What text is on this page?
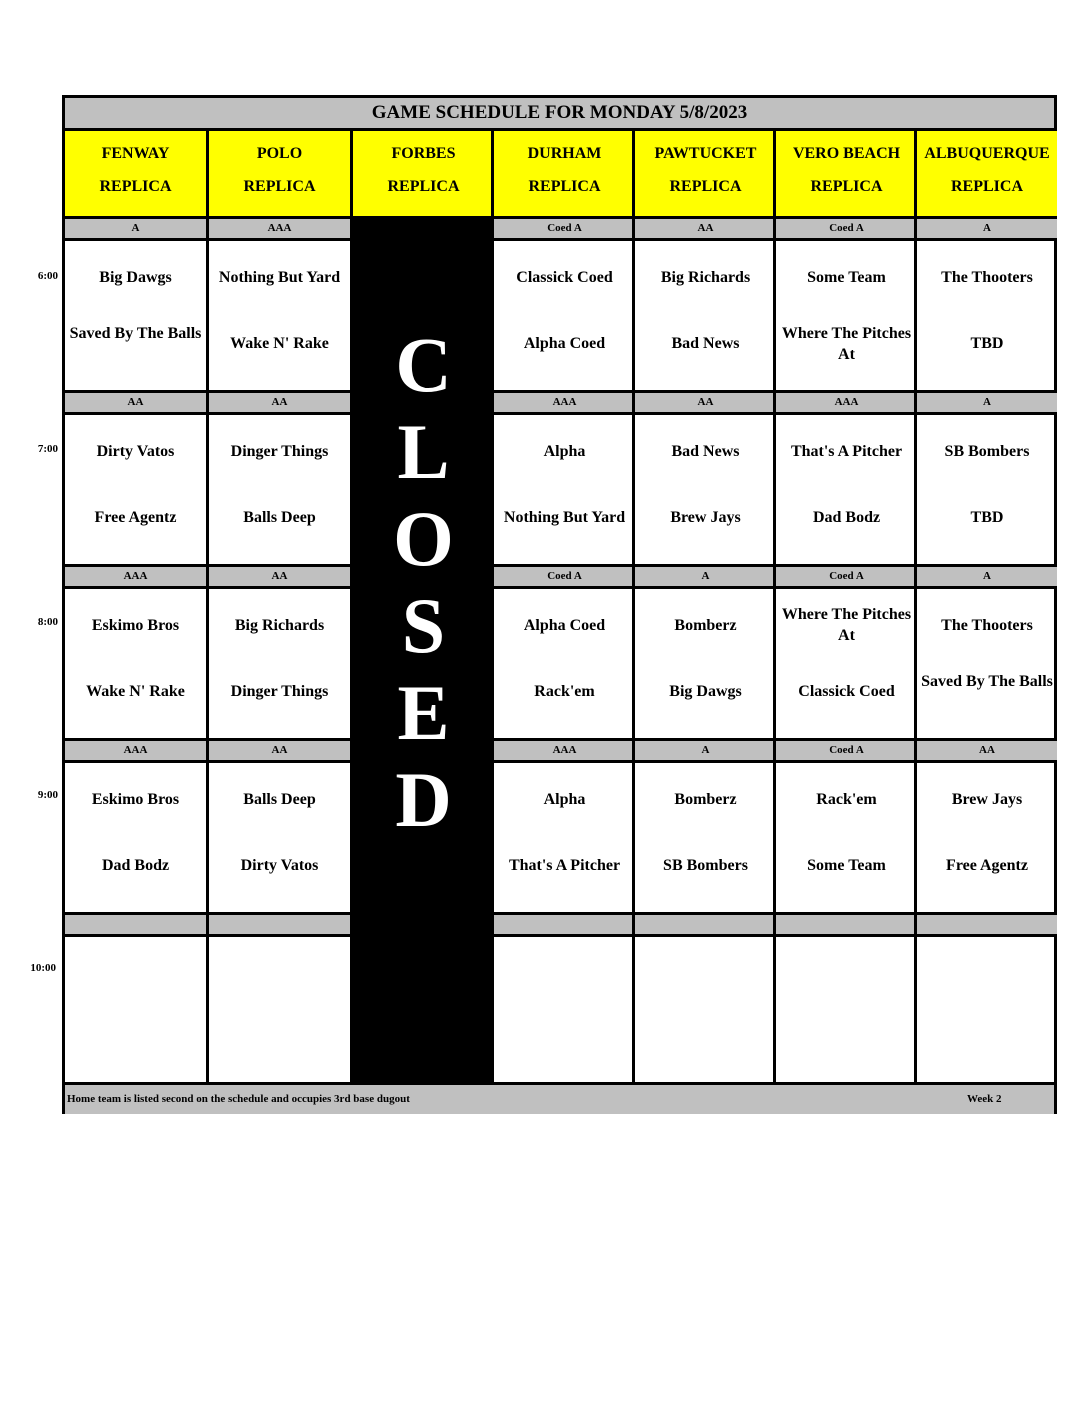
GAME SCHEDULE FOR MONDAY 5/8/2023
FENWAY
REPLICA
A
Big Dawgs
Saved By The Balls
AA
Dirty Vatos
Free Agentz
AAA
Eskimo Bros
Wake N' Rake
AAA
Eskimo Bros
Dad Bodz
POLO
REPLICA
AAA
Nothing But Yard
Wake N' Rake
AA
Dinger Things
Balls Deep
AA
Big Richards
Dinger Things
AA
Balls Deep
Dirty Vatos
FORBES
REPLICA
C
L
O
S
E
D
DURHAM
REPLICA
Coed A
Classick Coed
Alpha Coed
AAA
Alpha
Nothing But Yard
Coed A
Alpha Coed
Rack'em
AAA
Alpha
That's A Pitcher
PAWTUCKET
REPLICA
AA
Big Richards
Bad News
AA
Bad News
Brew Jays
A
Bomberz
Big Dawgs
A
Bomberz
SB Bombers
VERO BEACH
REPLICA
Coed A
Some Team
Where The Pitches At
AAA
That's A Pitcher
Dad Bodz
Coed A
Where The Pitches At
Classick Coed
Coed A
Rack'em
Some Team
ALBUQUERQUE
REPLICA
A
The Thooters
TBD
A
SB Bombers
TBD
A
The Thooters
Saved By The Balls
AA
Brew Jays
Free Agentz
Home team is listed second on the schedule and occupies 3rd base dugout	Week 2
6:00
7:00
8:00
9:00
10:00
